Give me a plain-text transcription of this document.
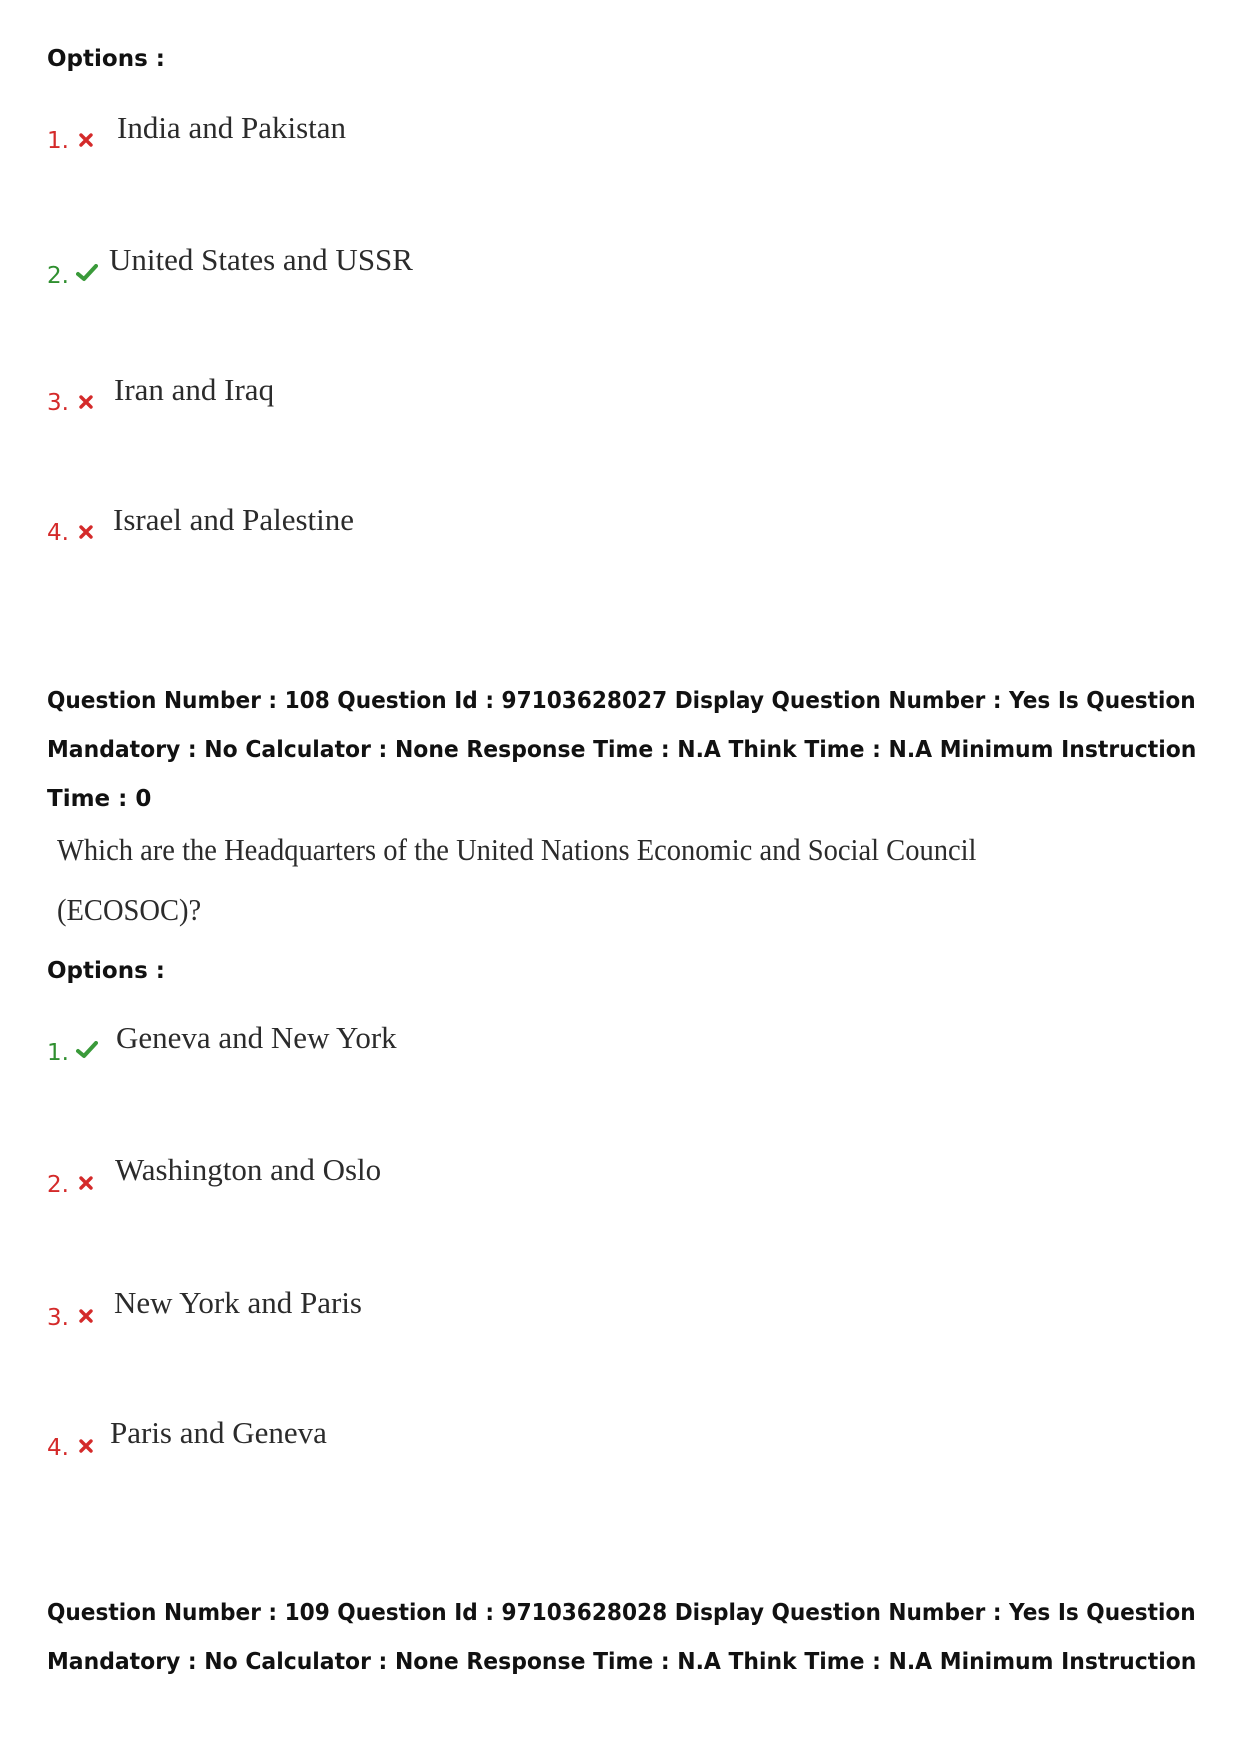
Options :
1. India and Pakistan
2. United States and USSR
3. Iran and Iraq
4. Israel and Palestine
Question Number : 108 Question Id : 97103628027 Display Question Number : Yes Is Question
Mandatory : No Calculator : None Response Time : N.A Think Time : N.A Minimum Instruction
Time : 0
Which are the Headquarters of the United Nations Economic and Social Council
(ECOSOC)?
Options :
1. Geneva and New York
2. Washington and Oslo
3. New York and Paris
4. Paris and Geneva
Question Number : 109 Question Id : 97103628028 Display Question Number : Yes Is Question
Mandatory : No Calculator : None Response Time : N.A Think Time : N.A Minimum Instruction
